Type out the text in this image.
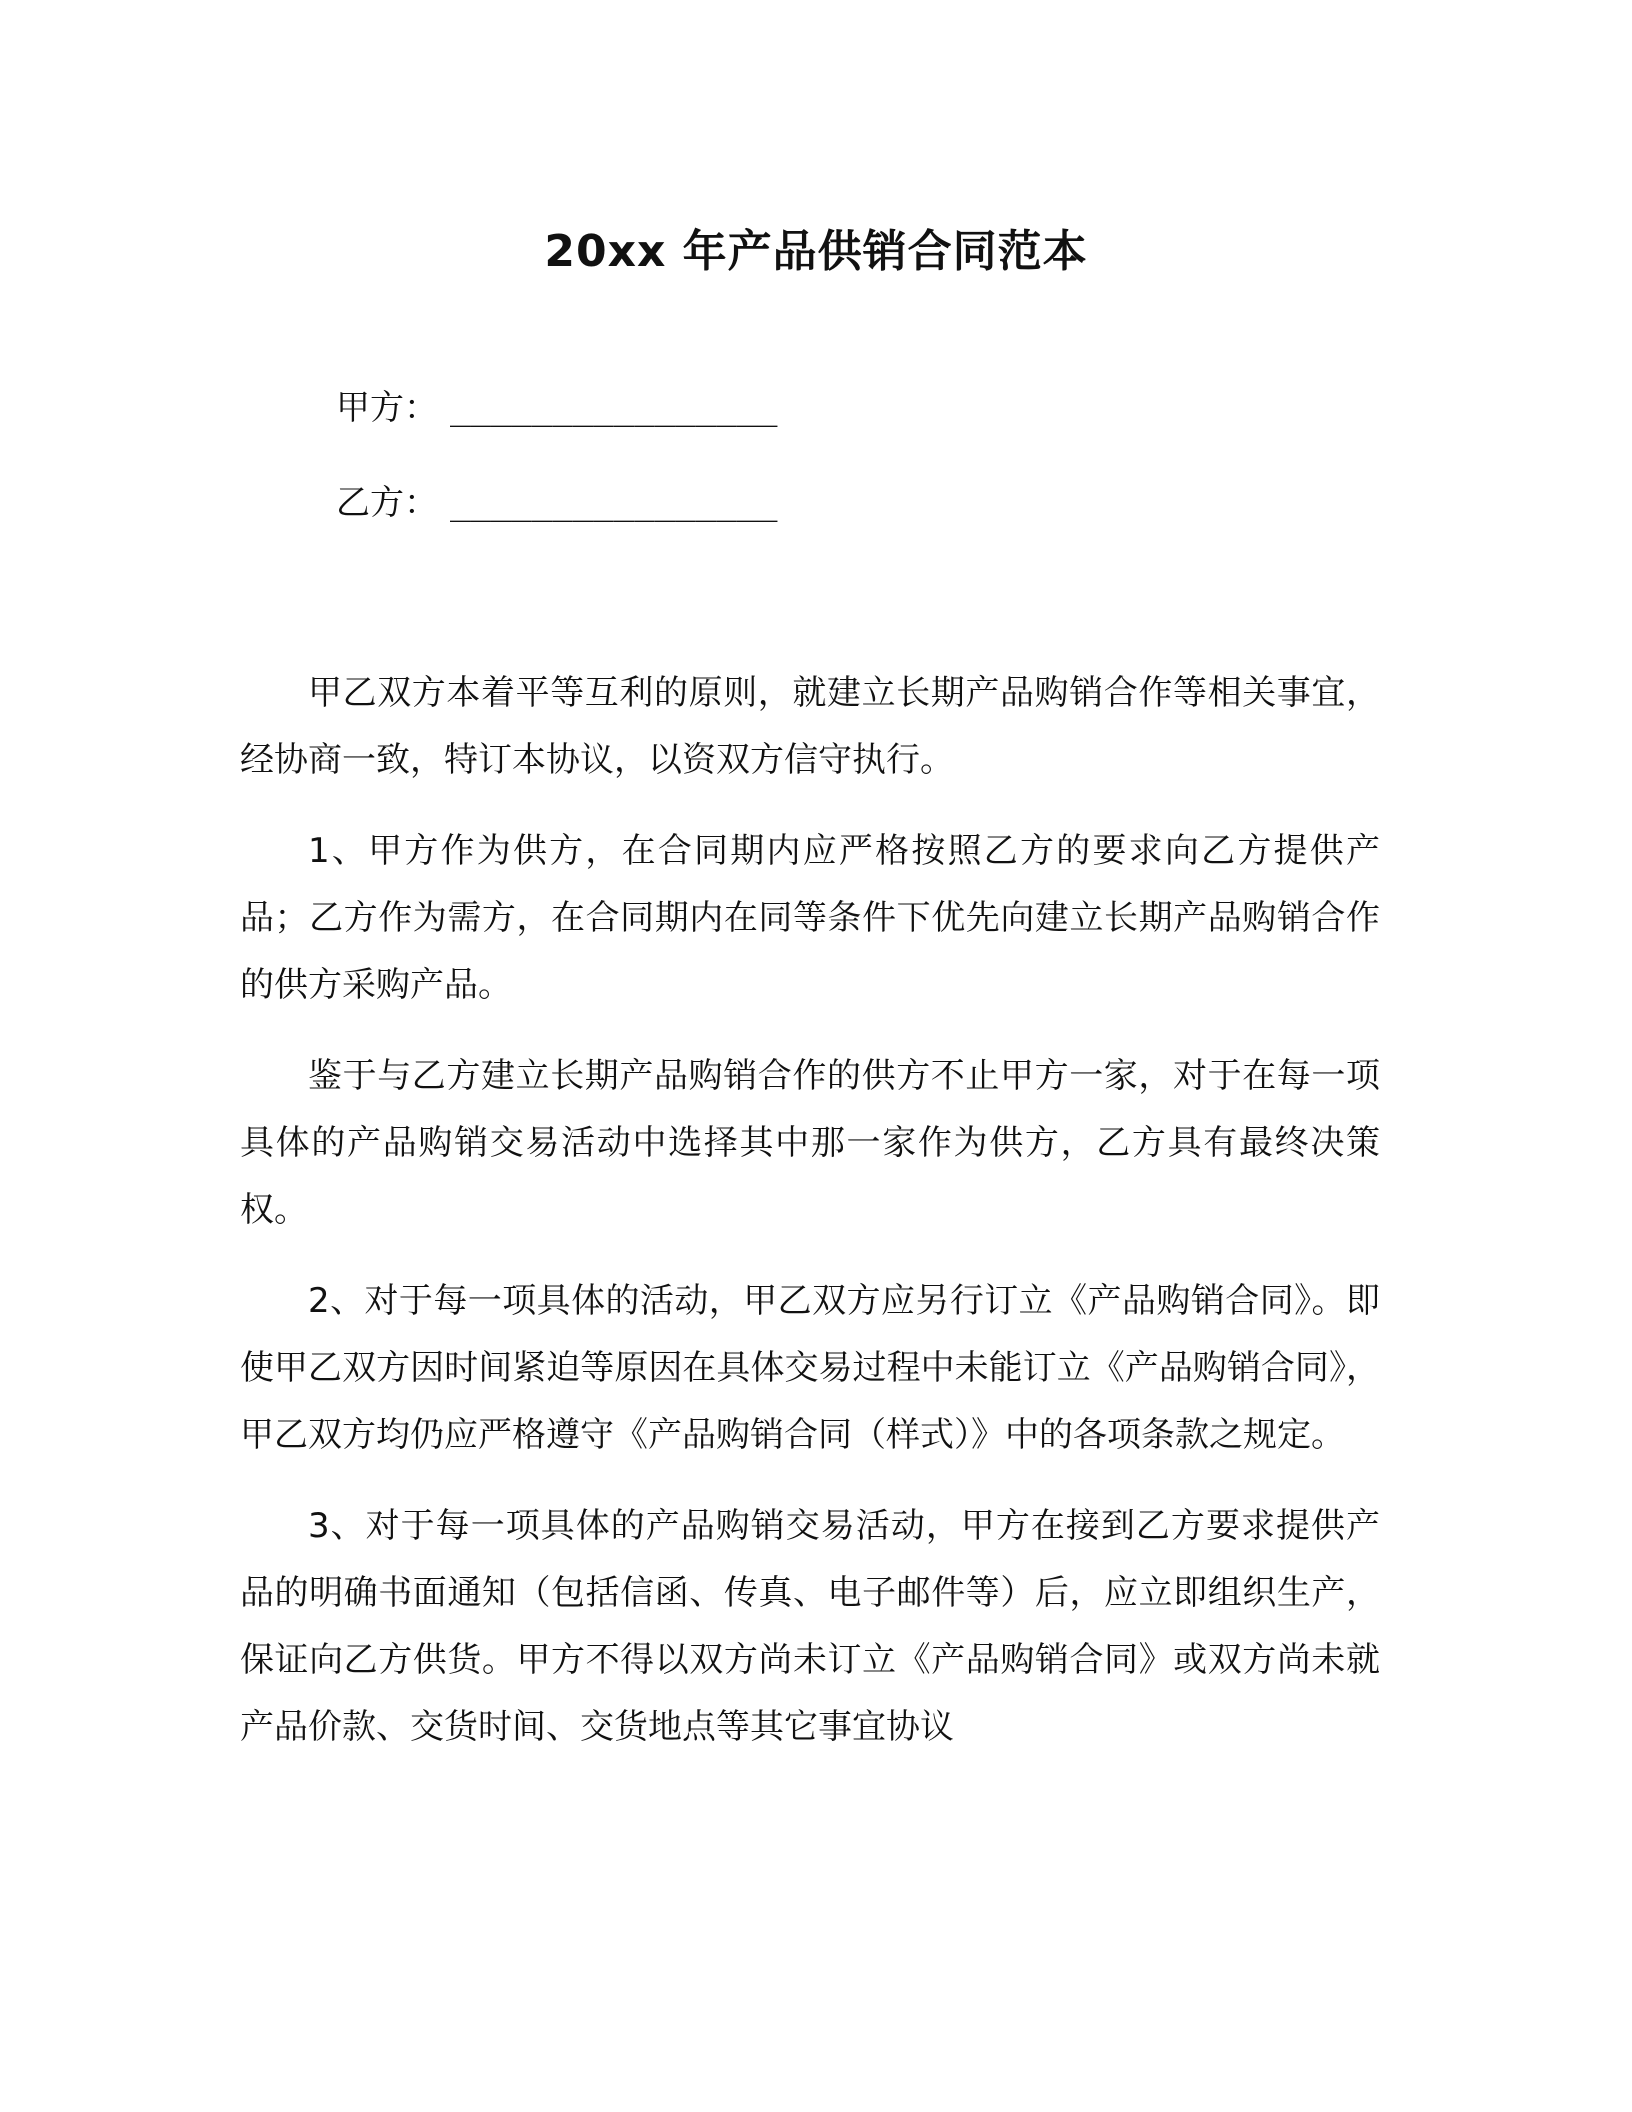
20xx 年产品供销合同范本
甲方： ________________
乙方： ________________

甲乙双方本着平等互利的原则，就建立长期产品购销合作等相关事宜，经协商一致，特订本协议，以资双方信守执行。

1、甲方作为供方，在合同期内应严格按照乙方的要求向乙方提供产品；乙方作为需方，在合同期内在同等条件下优先向建立长期产品购销合作的供方采购产品。

鉴于与乙方建立长期产品购销合作的供方不止甲方一家，对于在每一项具体的产品购销交易活动中选择其中那一家作为供方，乙方具有最终决策权。

2、对于每一项具体的活动，甲乙双方应另行订立《产品购销合同》。即使甲乙双方因时间紧迫等原因在具体交易过程中未能订立《产品购销合同》，甲乙双方均仍应严格遵守《产品购销合同（样式）》中的各项条款之规定。

3、对于每一项具体的产品购销交易活动，甲方在接到乙方要求提供产品的明确书面通知（包括信函、传真、电子邮件等）后，应立即组织生产，保证向乙方供货。甲方不得以双方尚未订立《产品购销合同》或双方尚未就产品价款、交货时间、交货地点等其它事宜协议
